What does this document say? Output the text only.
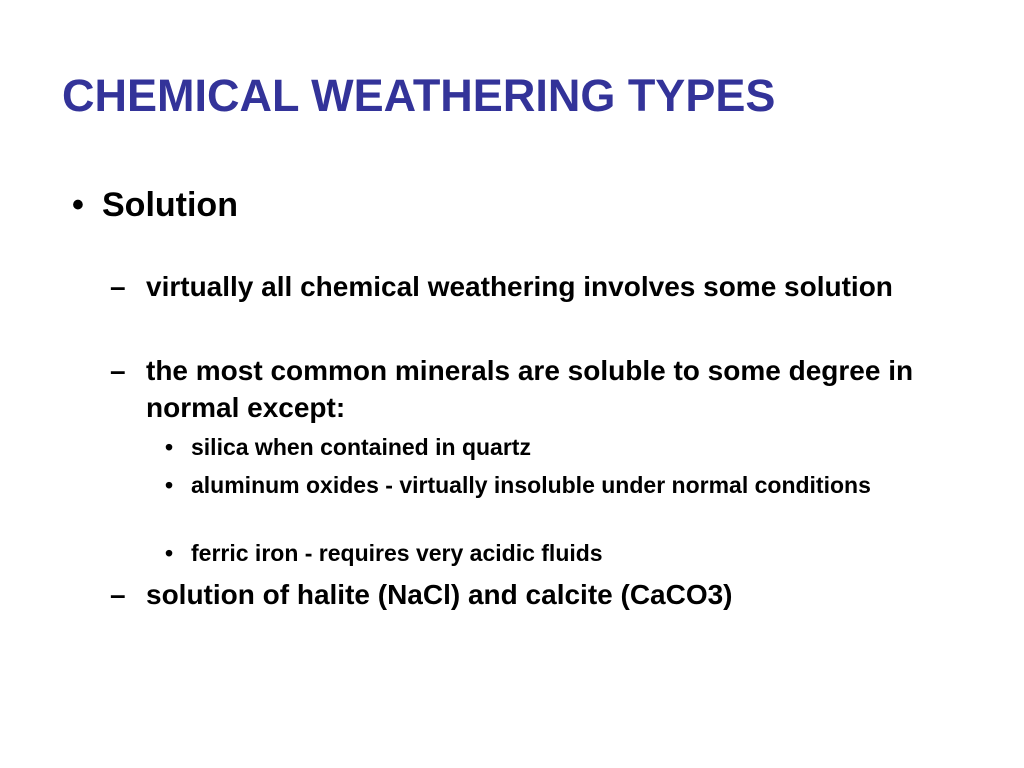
CHEMICAL WEATHERING TYPES
• Solution
– virtually all chemical weathering involves some solution
– the most common minerals are soluble to some degree in normal except:
• silica when contained in quartz
• aluminum oxides - virtually insoluble under normal conditions
• ferric iron - requires very acidic fluids
– solution of halite (NaCl) and calcite (CaCO3)
